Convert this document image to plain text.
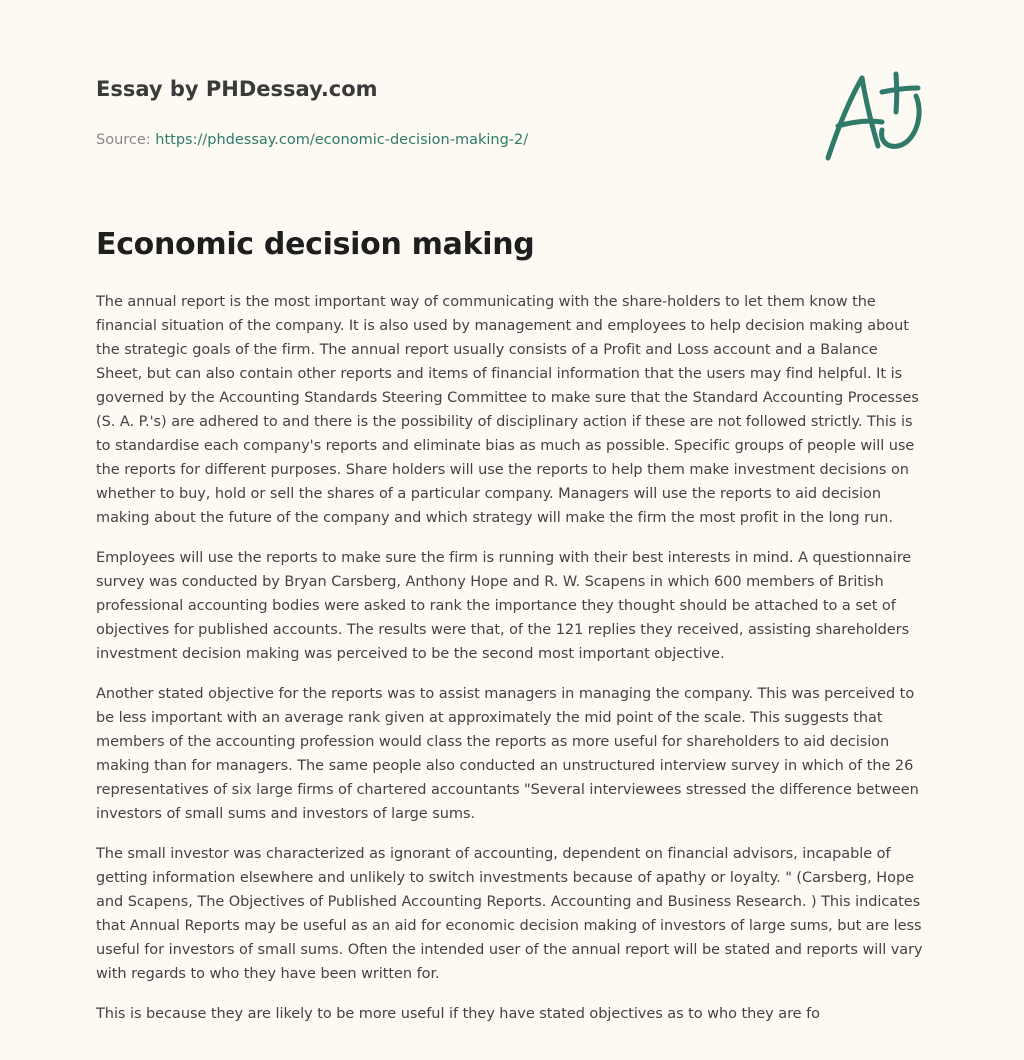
Essay by PHDessay.com
Source: https://phdessay.com/economic-decision-making-2/
Economic decision making

The annual report is the most important way of communicating with the share-holders to let them know the financial situation of the company. It is also used by management and employees to help decision making about the strategic goals of the firm. The annual report usually consists of a Profit and Loss account and a Balance Sheet, but can also contain other reports and items of financial information that the users may find helpful. It is governed by the Accounting Standards Steering Committee to make sure that the Standard Accounting Processes (S. A. P.'s) are adhered to and there is the possibility of disciplinary action if these are not followed strictly. This is to standardise each company's reports and eliminate bias as much as possible. Specific groups of people will use the reports for different purposes. Share holders will use the reports to help them make investment decisions on whether to buy, hold or sell the shares of a particular company. Managers will use the reports to aid decision making about the future of the company and which strategy will make the firm the most profit in the long run.

Employees will use the reports to make sure the firm is running with their best interests in mind. A questionnaire survey was conducted by Bryan Carsberg, Anthony Hope and R. W. Scapens in which 600 members of British professional accounting bodies were asked to rank the importance they thought should be attached to a set of objectives for published accounts. The results were that, of the 121 replies they received, assisting shareholders investment decision making was perceived to be the second most important objective.

Another stated objective for the reports was to assist managers in managing the company. This was perceived to be less important with an average rank given at approximately the mid point of the scale. This suggests that members of the accounting profession would class the reports as more useful for shareholders to aid decision making than for managers. The same people also conducted an unstructured interview survey in which of the 26 representatives of six large firms of chartered accountants "Several interviewees stressed the difference between investors of small sums and investors of large sums.

The small investor was characterized as ignorant of accounting, dependent on financial advisors, incapable of getting information elsewhere and unlikely to switch investments because of apathy or loyalty. " (Carsberg, Hope and Scapens, The Objectives of Published Accounting Reports. Accounting and Business Research. ) This indicates that Annual Reports may be useful as an aid for economic decision making of investors of large sums, but are less useful for investors of small sums. Often the intended user of the annual report will be stated and reports will vary with regards to who they have been written for.

This is because they are likely to be more useful if they have stated objectives as to who they are fo
